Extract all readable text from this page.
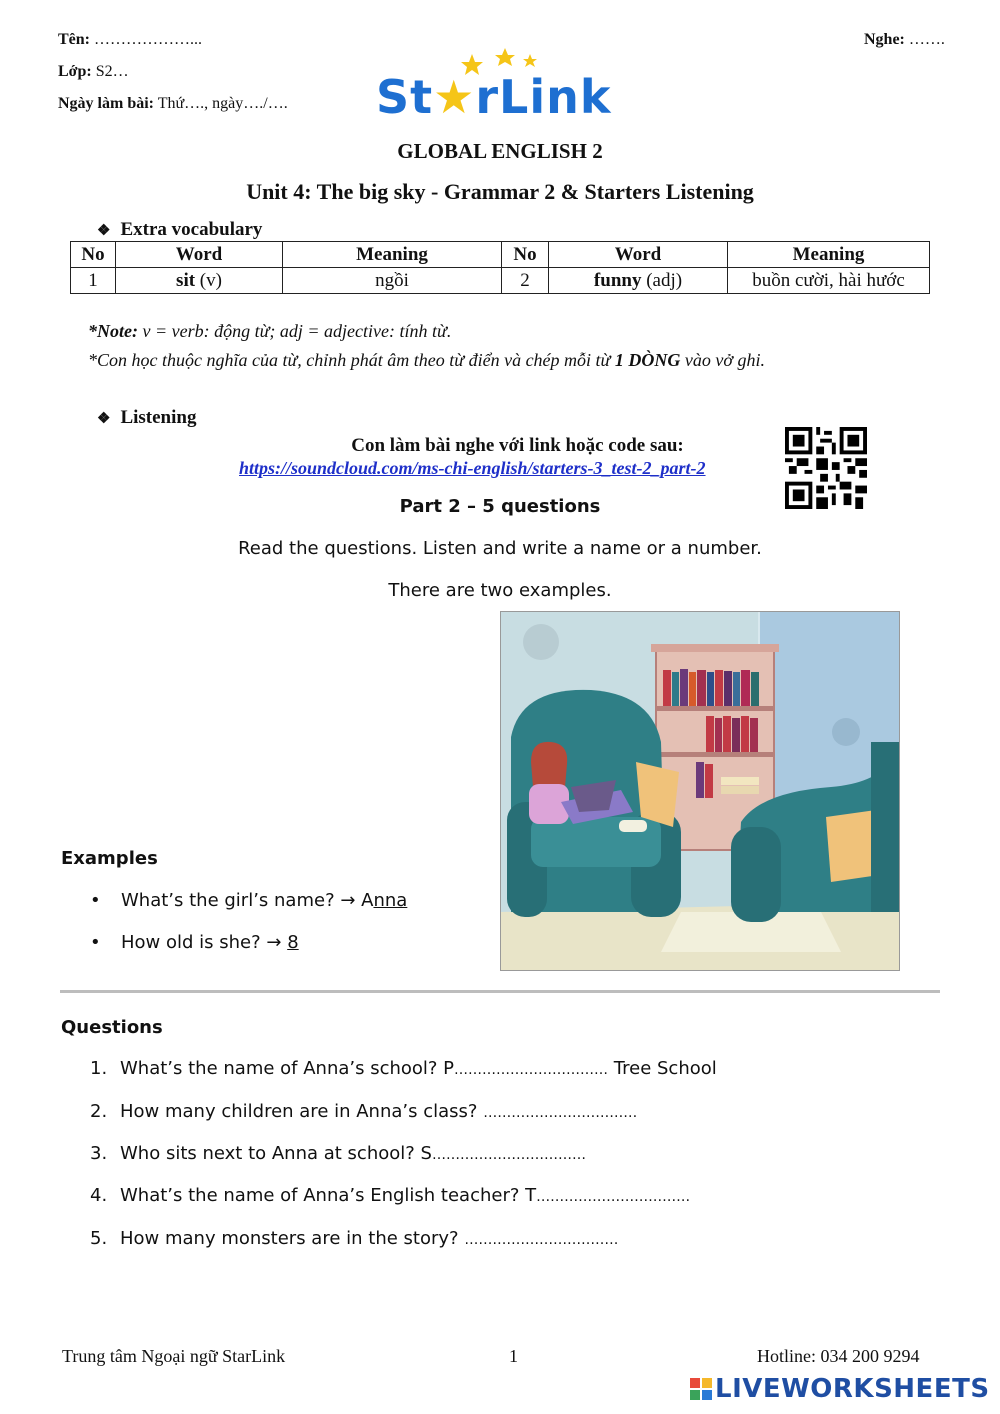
Tên: ………………...
Lớp: S2…
Ngày làm bài: Thứ…., ngày…./….
Nghe: …….
St★rLink
GLOBAL ENGLISH 2
Unit 4: The big sky - Grammar 2 & Starters Listening
❖ Extra vocabulary
No	Word	Meaning	No	Word	Meaning
1	sit (v)	ngồi	2	funny (adj)	buồn cười, hài hước
*Note: v = verb: động từ; adj = adjective: tính từ.
*Con học thuộc nghĩa của từ, chỉnh phát âm theo từ điển và chép mỗi từ 1 DÒNG vào vở ghi.
❖ Listening
Con làm bài nghe với link hoặc code sau:
https://soundcloud.com/ms-chi-english/starters-3_test-2_part-2
Part 2 – 5 questions
Read the questions. Listen and write a name or a number.
There are two examples.
Examples
• What’s the girl’s name? → Anna
• How old is she? → 8
Questions
1. What’s the name of Anna’s school? P…………………………… Tree School
2. How many children are in Anna’s class? ……………………………
3. Who sits next to Anna at school? S……………………………
4. What’s the name of Anna’s English teacher? T……………………………
5. How many monsters are in the story? ……………………………
Trung tâm Ngoại ngữ StarLink	1	Hotline: 034 200 9294
LIVEWORKSHEETS
